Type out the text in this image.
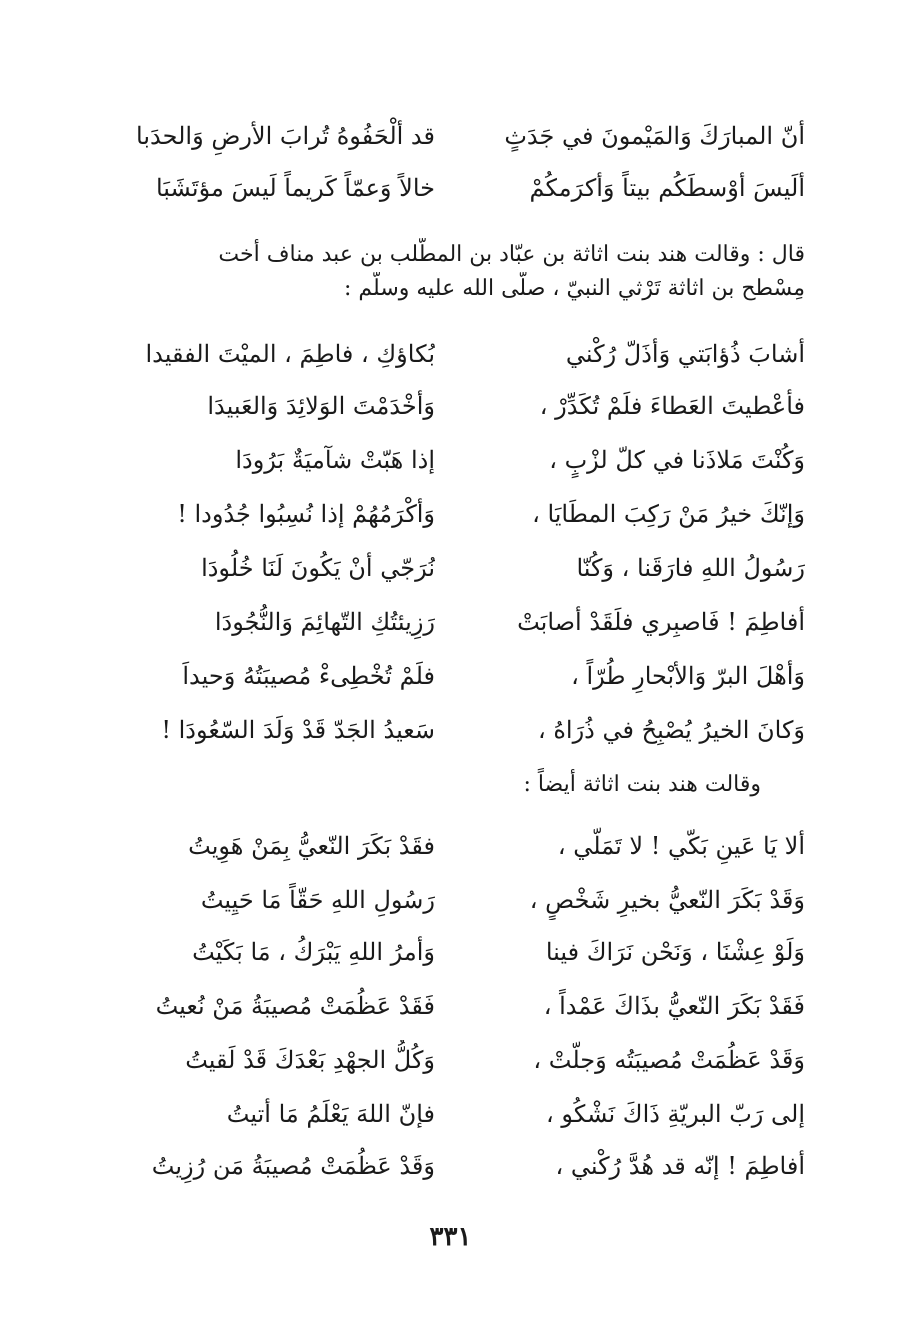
أنّ المبارَكَ وَالمَيْمونَ في جَدَثٍ
قد ألْحَفُوهُ تُرابَ الأرضِ وَالحدَبا
ألَيسَ أوْسطَكُم بيتاً وَأكرَمكُمْ
خالاً وَعمّاً كَريماً لَيسَ مؤتَشَبَا
قال : وقالت هند بنت اثاثة بن عبّاد بن المطّلب بن عبد مناف أخت
مِسْطح بن اثاثة تَرْثي النبيّ ، صلّى الله عليه وسلّم :
أشابَ ذُؤابَتي وَأذَلّ رُكْني
بُكاؤكِ ، فاطِمَ ، الميْتَ الفقيدا
فأعْطيتَ العَطاءَ فلَمْ تُكَدِّرْ ،
وَأخْدَمْتَ الوَلائِدَ وَالعَبيدَا
وَكُنْتَ مَلاذَنا في كلّ لزْبٍ ،
إذا هَبّتْ شآميَةٌ بَرُودَا
وَإنّكَ خيرُ مَنْ رَكِبَ المطَايَا ،
وَأكْرَمُهُمْ إذا نُسِبُوا جُدُودا !
رَسُولُ اللهِ فارَقَنا ، وَكُنّا
نُرَجّي أنْ يَكُونَ لَنَا خُلُودَا
أفاطِمَ ! فَاصبِري فلَقَدْ أصابَتْ
رَزِيئتُكِ التّهائِمَ وَالنُّجُودَا
وَأهْلَ البرّ وَالأبْحارِ طُرّاً ،
فلَمْ تُخْطِىءْ مُصيبَتُهُ وَحيداَ
وَكانَ الخيرُ يُصْبِحُ في ذُرَاهُ ،
سَعيدُ الجَدّ قَدْ وَلَدَ السّعُودَا !
وقالت هند بنت اثاثة أيضاً :
ألا يَا عَينِ بَكّي ! لا تَمَلّي ،
فقَدْ بَكَرَ النّعيُّ بِمَنْ هَوِيتُ
وَقَدْ بَكَرَ النّعيُّ بخيرِ شَخْصٍ ،
رَسُولِ اللهِ حَقّاً مَا حَيِيتُ
وَلَوْ عِشْنَا ، وَنَحْن نَرَاكَ فينا
وَأمرُ اللهِ يَبْرَكُ ، مَا بَكَيْتُ
فَقَدْ بَكَرَ النّعيُّ بذَاكَ عَمْداً ،
فَقَدْ عَظُمَتْ مُصيبَةُ مَنْ نُعيتُ
وَقَدْ عَظُمَتْ مُصيبَتُه وَجلّتْ ،
وَكُلُّ الجهْدِ بَعْدَكَ قَدْ لَقيتُ
إلى رَبّ البريّةِ ذَاكَ نَشْكُو ،
فإنّ اللهَ يَعْلَمُ مَا أتيتُ
أفاطِمَ ! إنّه قد هُدَّ رُكْني ،
وَقَدْ عَظُمَتْ مُصيبَةُ مَن رُزِيتُ
٣٣١
